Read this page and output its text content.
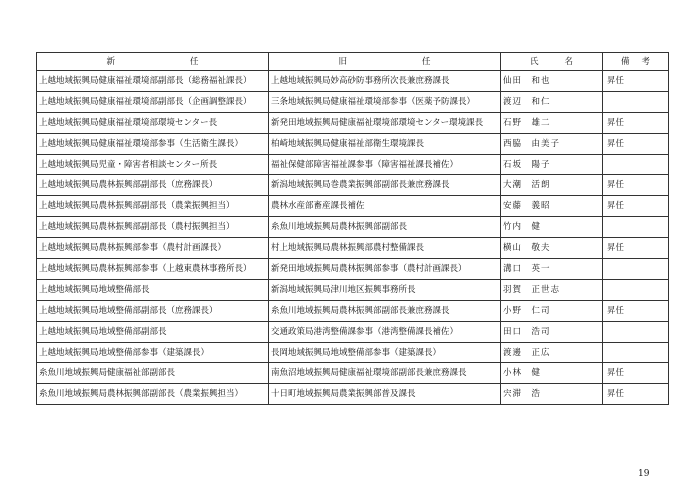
新 任	旧 任	氏 名	備 考

上越地域振興局健康福祉環境部副部長（総務福祉課長）	上越地域振興局妙高砂防事務所次長兼庶務課長	仙田　和也	昇任
上越地域振興局健康福祉環境部副部長（企画調整課長）	三条地域振興局健康福祉環境部参事（医薬予防課長）	渡辺　和仁	
上越地域振興局健康福祉環境部環境センター長	新発田地域振興局健康福祉環境部環境センター環境課長	石野　雄二	昇任
上越地域振興局健康福祉環境部参事（生活衛生課長）	柏崎地域振興局健康福祉部衛生環境課長	西脇　由美子	昇任
上越地域振興局児童・障害者相談センター所長	福祉保健部障害福祉課参事（障害福祉課長補佐）	石坂　陽子	
上越地域振興局農林振興部副部長（庶務課長）	新潟地域振興局巻農業振興部副部長兼庶務課長	大潮　活朗	昇任
上越地域振興局農林振興部副部長（農業振興担当）	農林水産部畜産課長補佐	安藤　義昭	昇任
上越地域振興局農林振興部副部長（農村振興担当）	糸魚川地域振興局農林振興部副部長	竹内　健	
上越地域振興局農林振興部参事（農村計画課長）	村上地域振興局農林振興部農村整備課長	横山　敬夫	昇任
上越地域振興局農林振興部参事（上越東農林事務所長）	新発田地域振興局農林振興部参事（農村計画課長）	溝口　英一	
上越地域振興局地域整備部長	新潟地域振興局津川地区振興事務所長	羽賀　正世志	
上越地域振興局地域整備部副部長（庶務課長）	糸魚川地域振興局農林振興部副部長兼庶務課長	小野　仁司	昇任
上越地域振興局地域整備部副部長	交通政策局港湾整備課参事（港湾整備課長補佐）	田口　浩司	
上越地域振興局地域整備部参事（建築課長）	長岡地域振興局地域整備部参事（建築課長）	渡邊　正広	
糸魚川地域振興局健康福祉部副部長	南魚沼地域振興局健康福祉環境部副部長兼庶務課長	小林　健	昇任
糸魚川地域振興局農林振興部副部長（農業振興担当）	十日町地域振興局農業振興部普及課長	宍滞　浩	昇任
19
